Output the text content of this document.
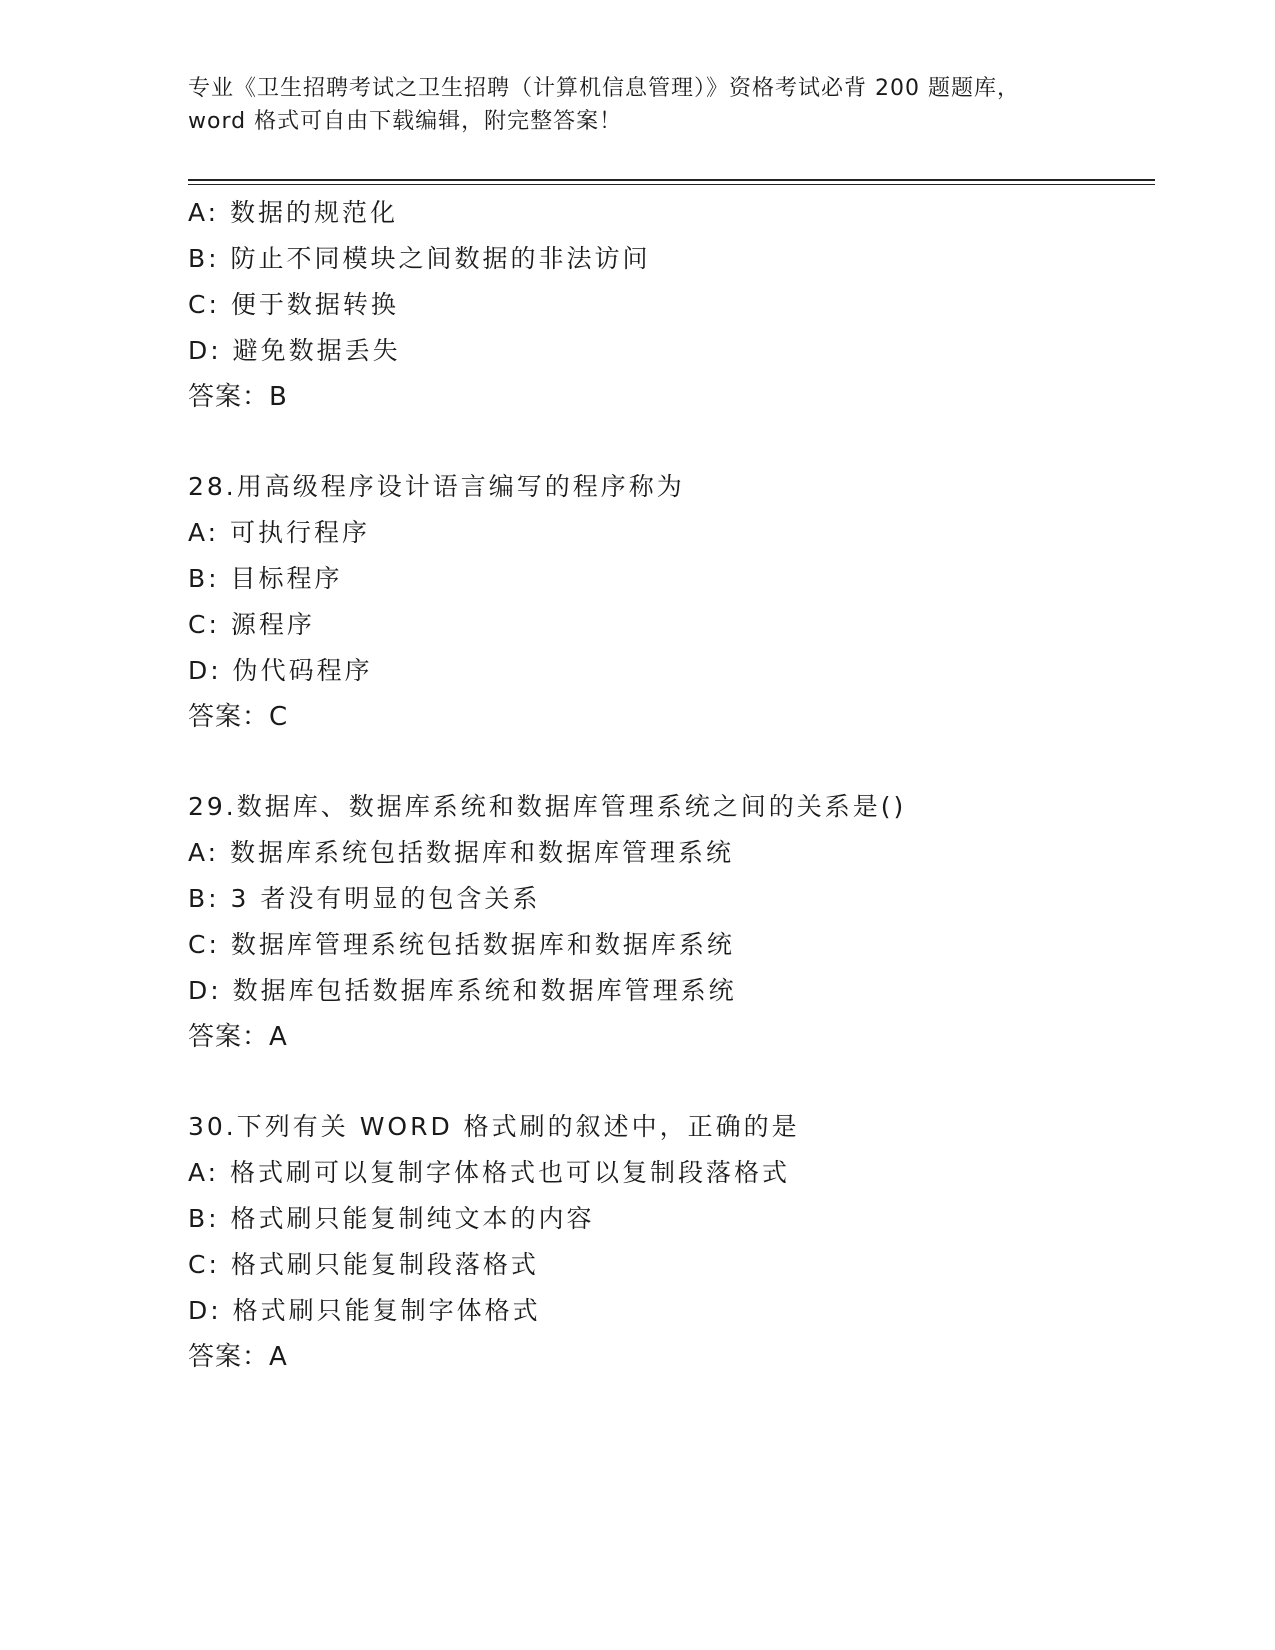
专业《卫生招聘考试之卫生招聘（计算机信息管理）》资格考试必背 200 题题库，
word 格式可自由下载编辑，附完整答案！
A: 数据的规范化
B: 防止不同模块之间数据的非法访问
C: 便于数据转换
D: 避免数据丢失
答案：B
28.用高级程序设计语言编写的程序称为
A: 可执行程序
B: 目标程序
C: 源程序
D: 伪代码程序
答案：C
29.数据库、数据库系统和数据库管理系统之间的关系是()
A: 数据库系统包括数据库和数据库管理系统
B: 3 者没有明显的包含关系
C: 数据库管理系统包括数据库和数据库系统
D: 数据库包括数据库系统和数据库管理系统
答案：A
30.下列有关 WORD 格式刷的叙述中，正确的是
A: 格式刷可以复制字体格式也可以复制段落格式
B: 格式刷只能复制纯文本的内容
C: 格式刷只能复制段落格式
D: 格式刷只能复制字体格式
答案：A
